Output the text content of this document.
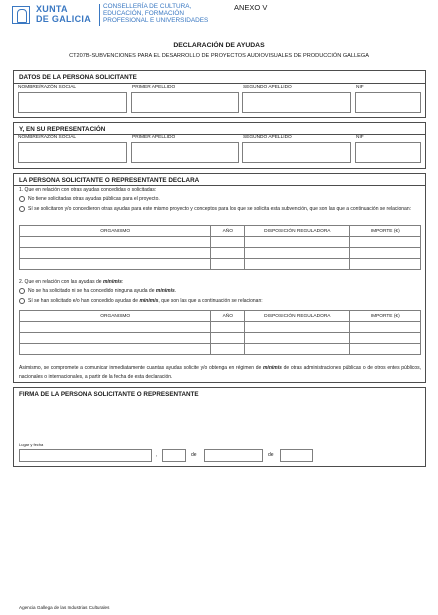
XUNTA
DE GALICIA
CONSELLERÍA DE CULTURA,
EDUCACIÓN, FORMACIÓN
PROFESIONAL E UNIVERSIDADES
ANEXO V
DECLARACIÓN DE AYUDAS
CT207B-SUBVENCIONES PARA EL DESARROLLO DE PROYECTOS AUDIOVISUALES DE PRODUCCIÓN GALLEGA
DATOS DE LA PERSONA SOLICITANTE
NOMBRE/RAZÓN SOCIAL	PRIMER APELLIDO	SEGUNDO APELLIDO	NIF
Y, EN SU REPRESENTACIÓN
NOMBRE/RAZÓN SOCIAL	PRIMER APELLIDO	SEGUNDO APELLIDO	NIF
LA PERSONA SOLICITANTE O REPRESENTANTE DECLARA
1. Que en relación con otras ayudas concedidas o solicitadas:
No tiene solicitadas otras ayudas públicas para el proyecto.
Sí se solicitaron y/o concedieron otras ayudas para este mismo proyecto y conceptos para los que se solicita esta subvención, que son las que a continuación se relacionan:
ORGANISMO	AÑO	DISPOSICIÓN REGULADORA	IMPORTE (€)

2. Que en relación con las ayudas de minimis:
No se ha solicitado ni se ha concedido ninguna ayuda de minimis.
Sí se han solicitado e/o han concedido ayudas de minimis, que son las que a continuación se relacionan:
ORGANISMO	AÑO	DISPOSICIÓN REGULADORA	IMPORTE (€)

Asimismo, se compromete a comunicar inmediatamente cuantas ayudas solicite y/o obtenga en régimen de minimis de otras administraciones públicas o de otros entes públicos, nacionales o internacionales, a partir de la fecha de esta declaración.
FIRMA DE LA PERSONA SOLICITANTE O REPRESENTANTE
Lugar y fecha
,	de	de
Agencia Gallega de las Industrias Culturales
